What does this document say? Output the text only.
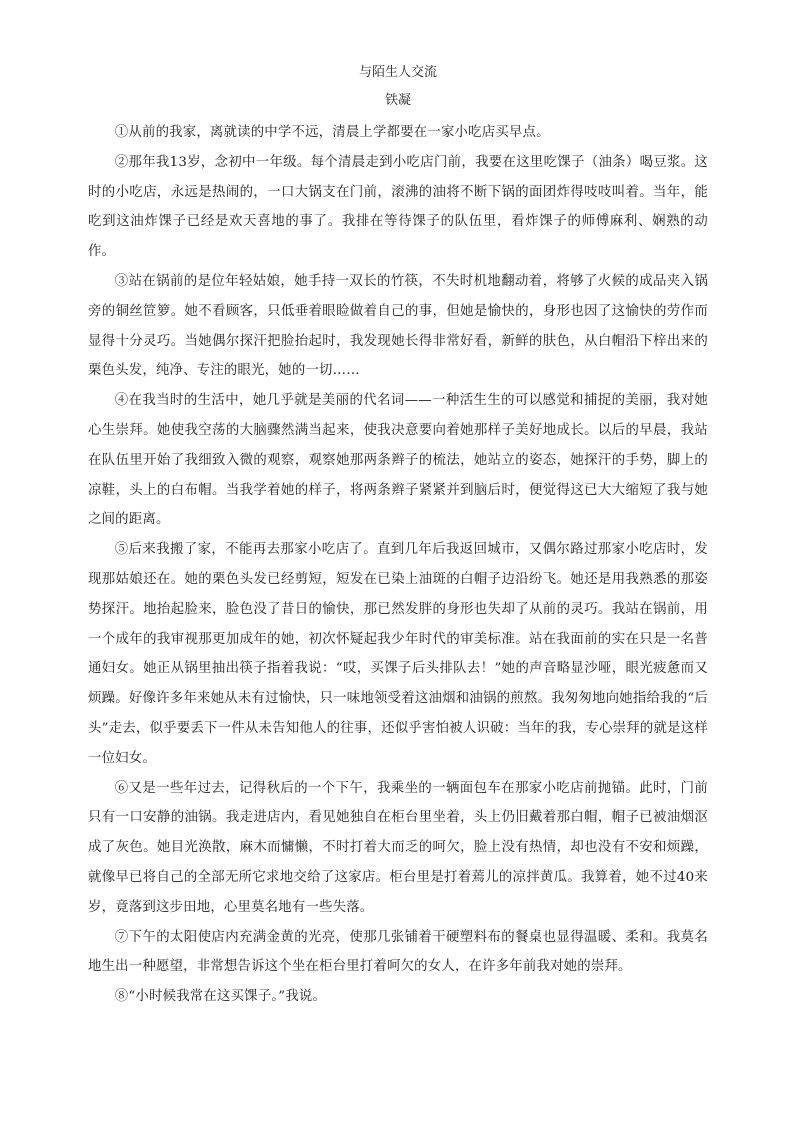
与陌生人交流
铁凝

①从前的我家，离就读的中学不远，清晨上学都要在一家小吃店买早点。

②那年我13岁，念初中一年级。每个清晨走到小吃店门前，我要在这里吃馃子（油条）喝豆浆。这时的小吃店，永远是热闹的，一口大锅支在门前，滚沸的油将不断下锅的面团炸得吱吱叫着。当年，能吃到这油炸馃子已经是欢天喜地的事了。我排在等待馃子的队伍里，看炸馃子的师傅麻利、娴熟的动作。

③站在锅前的是位年轻姑娘，她手持一双长的竹筷，不失时机地翻动着，将够了火候的成品夹入锅旁的铜丝笸箩。她不看顾客，只低垂着眼睑做着自己的事，但她是愉快的，身形也因了这愉快的劳作而显得十分灵巧。当她偶尔探汗把脸抬起时，我发现她长得非常好看，新鲜的肤色，从白帽沿下梓出来的栗色头发，纯净、专注的眼光，她的一切……

④在我当时的生活中，她几乎就是美丽的代名词——一种活生生的可以感觉和捕捉的美丽，我对她心生崇拜。她使我空荡的大脑骤然满当起来，使我决意要向着她那样子美好地成长。以后的早晨，我站在队伍里开始了我细致入微的观察，观察她那两条辫子的梳法，她站立的姿态，她探汗的手势，脚上的凉鞋，头上的白布帽。当我学着她的样子，将两条辫子紧紧并到脑后时，便觉得这已大大缩短了我与她之间的距离。

⑤后来我搬了家，不能再去那家小吃店了。直到几年后我返回城市，又偶尔路过那家小吃店时，发现那姑娘还在。她的栗色头发已经剪短，短发在已染上油斑的白帽子边沿纷飞。她还是用我熟悉的那姿势探汗。地抬起脸来，脸色没了昔日的愉快，那已然发胖的身形也失却了从前的灵巧。我站在锅前，用一个成年的我审视那更加成年的她，初次怀疑起我少年时代的审美标准。站在我面前的实在只是一名普通妇女。她正从锅里抽出筷子指着我说：“哎，买馃子后头排队去！”她的声音略显沙哑，眼光疲惫而又烦躁。好像许多年来她从未有过愉快，只一味地领受着这油烟和油锅的煎熬。我匆匆地向她指给我的“后头”走去，似乎要丢下一件从未告知他人的往事，还似乎害怕被人识破：当年的我，专心崇拜的就是这样一位妇女。

⑥又是一些年过去，记得秋后的一个下午，我乘坐的一辆面包车在那家小吃店前抛锚。此时，门前只有一口安静的油锅。我走进店内，看见她独自在柜台里坐着，头上仍旧戴着那白帽，帽子已被油烟沤成了灰色。她目光涣散，麻木而慵懒，不时打着大而乏的呵欠，脸上没有热情，却也没有不安和烦躁，就像早已将自己的全部无所它求地交给了这家店。柜台里是打着蔫儿的凉拌黄瓜。我算着，她不过40来岁，竟落到这步田地，心里莫名地有一些失落。

⑦下午的太阳使店内充满金黄的光亮，使那几张铺着干硬塑料布的餐桌也显得温暖、柔和。我莫名地生出一种愿望，非常想告诉这个坐在柜台里打着呵欠的女人，在许多年前我对她的崇拜。

⑧“小时候我常在这买馃子。”我说。
